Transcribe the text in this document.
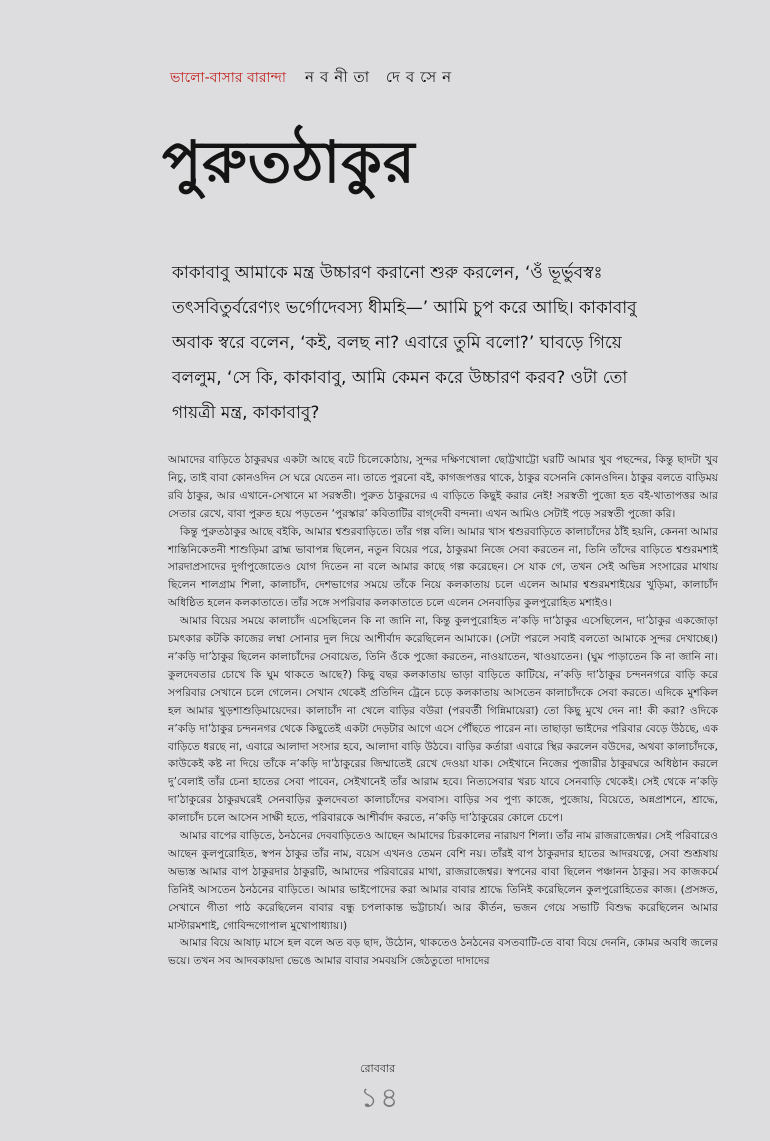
ভালো-বাসার বারান্দা নবনীতা দেবসেন
পুরুতঠাকুর

কাকাবাবু আমাকে মন্ত্র উচ্চারণ করানো শুরু করলেন, ‘ওঁ ভূর্ভুবস্বঃ তৎসবিতুর্বরেণ্যং ভর্গোদেবস্য ধীমহি—’ আমি চুপ করে আছি। কাকাবাবু অবাক স্বরে বলেন, ‘কই, বলছ না? এবারে তুমি বলো?’ ঘাবড়ে গিয়ে বললুম, ‘সে কি, কাকাবাবু, আমি কেমন করে উচ্চারণ করব? ওটা তো গায়ত্রী মন্ত্র, কাকাবাবু?

আমাদের বাড়িতে ঠাকুরঘর একটা আছে বটে চিলেকোঠায়, সুন্দর দক্ষিণখোলা ছোট্টখাট্টো ঘরটি আমার খুব পছন্দের, কিন্তু ছাদটা খুব নিচু, তাই বাবা কোনওদিন সে ঘরে যেতেন না। তাতে পুরনো বই, কাগজপত্তর থাকে, ঠাকুর বসেননি কোনওদিন। ঠাকুর বলতে বাড়িময় রবি ঠাকুর, আর এখানে-সেখানে মা সরস্বতী। পুরুত ঠাকুরদের এ বাড়িতে কিছুই করার নেই! সরস্বতী পুজো হত বই-খাতাপত্তর আর সেতার রেখে, বাবা পুরুত হয়ে পড়তেন ‘পুরস্কার’ কবিতাটির বাগ্‌দেবী বন্দনা। এখন আমিও সেটাই পড়ে সরস্বতী পুজো করি।

কিন্তু পুরুতঠাকুর আছে বইকি, আমার শ্বশুরবাড়িতে। তাঁর গল্প বলি। আমার খাস শ্বশুরবাড়িতে কালাচাঁদের ঠাঁই হয়নি, কেননা আমার শান্তিনিকেতনী শাশুড়িমা ব্রাহ্ম ভাবাপন্ন ছিলেন, নতুন বিয়ের পরে, ঠাকুরমা নিজে সেবা করতেন না, তিনি তাঁদের বাড়িতে শ্বশুরমশাই সারদাপ্রসাদের দুর্গাপুজোতেও যোগ দিতেন না বলে আমার কাছে গল্প করেছেন। সে যাক গে, তখন সেই অভিন্ন সংসারের মাথায় ছিলেন শালগ্রাম শিলা, কালাচাঁদ, দেশভাগের সময়ে তাঁকে নিয়ে কলকাতায় চলে এলেন আমার শ্বশুরমশাইয়ের খুড়িমা, কালাচাঁদ অধিষ্ঠিত হলেন কলকাতাতে। তাঁর সঙ্গে সপরিবার কলকাতাতে চলে এলেন সেনবাড়ির কুলপুরোহিত মশাইও।

আমার বিয়ের সময়ে কালাচাঁদ এসেছিলেন কি না জানি না, কিন্তু কুলপুরোহিত ন’কড়ি দা’ঠাকুর এসেছিলেন, দা’ঠাকুর একজোড়া চমৎকার কটকি কাজের লম্বা সোনার দুল দিয়ে আশীর্বাদ করেছিলেন আমাকে। (সেটা পরলে সবাই বলতো আমাকে সুন্দর দেখাচ্ছে।) ন’কড়ি দা’ঠাকুর ছিলেন কালাচাঁদের সেবায়েত, তিনি ওঁকে পুজো করতেন, নাওয়াতেন, খাওয়াতেন। (ঘুম পাড়াতেন কি না জানি না। কুলদেবতার চোখে কি ঘুম থাকতে আছে?) কিছু বছর কলকাতায় ভাড়া বাড়িতে কাটিয়ে, ন’কড়ি দা’ঠাকুর চন্দননগরে বাড়ি করে সপরিবার সেখানে চলে গেলেন। সেখান থেকেই প্রতিদিন ট্রেনে চড়ে কলকাতায় আসতেন কালাচাঁদকে সেবা করতে। এদিকে মুশকিল হল আমার খুড়শাশুড়িমায়েদের। কালাচাঁদ না খেলে বাড়ির বউরা (পরবর্তী গিন্নিমায়েরা) তো কিছু মুখে দেন না! কী করা? ওদিকে ন’কড়ি দা’ঠাকুর চন্দননগর থেকে কিছুতেই একটা দেড়টার আগে এসে পৌঁছতে পারেন না। তাছাড়া ভাইদের পরিবার বেড়ে উঠছে, এক বাড়িতে ধরছে না, এবারে আলাদা সংসার হবে, আলাদা বাড়ি উঠবে। বাড়ির কর্তারা এবারে স্থির করলেন বউদের, অথবা কালাচাঁদকে, কাউকেই কষ্ট না দিয়ে তাঁকে ন’কড়ি দা’ঠাকুরের জিম্মাতেই রেখে দেওয়া যাক। সেইখানে নিজের পুজারীর ঠাকুরঘরে অধিষ্ঠান করলে দু’বেলাই তাঁর চেনা হাতের সেবা পাবেন, সেইখানেই তাঁর আরাম হবে। নিত্যসেবার খরচ যাবে সেনবাড়ি থেকেই। সেই থেকে ন’কড়ি দা’ঠাকুরের ঠাকুরঘরেই সেনবাড়ির কুলদেবতা কালাচাঁদের বসবাস। বাড়ির সব পুণ্য কাজে, পুজোয়, বিয়েতে, অন্নপ্রাশনে, শ্রাদ্ধে, কালাচাঁদ চলে আসেন সাক্ষী হতে, পরিবারকে আশীর্বাদ করতে, ন’কড়ি দা’ঠাকুরের কোলে চেপে।

আমার বাপের বাড়িতে, ঠনঠনের দেববাড়িতেও আছেন আমাদের চিরকালের নারায়ণ শিলা। তাঁর নাম রাজরাজেশ্বর। সেই পরিবারেও আছেন কুলপুরোহিত, স্বপন ঠাকুর তাঁর নাম, বয়েস এখনও তেমন বেশি নয়। তাঁরই বাপ ঠাকুরদার হাতের আদরযত্নে, সেবা শুশ্রূষায় অভ্যস্ত আমার বাপ ঠাকুরদার ঠাকুরটি, আমাদের পরিবারের মাথা, রাজরাজেশ্বর। স্বপনের বাবা ছিলেন পঞ্চানন ঠাকুর। সব কাজকর্মে তিনিই আসতেন ঠনঠনের বাড়িতে। আমার ভাইপোদের করা আমার বাবার শ্রাদ্ধে তিনিই করেছিলেন কুলপুরোহিতের কাজ। (প্রসঙ্গত, সেখানে গীতা পাঠ করেছিলেন বাবার বন্ধু চপলাকান্ত ভট্টাচার্য। আর কীর্তন, ভজন গেয়ে সভাটি বিশুদ্ধ করেছিলেন আমার মাস্টারমশাই, গোবিন্দগোপাল মুখোপাধ্যায়।)

আমার বিয়ে আষাঢ় মাসে হল বলে অত বড় ছাদ, উঠোন, থাকতেও ঠনঠনের বসতবাটি-তে বাবা বিয়ে দেননি, কোমর অবধি জলের ভয়ে। তখন সব আদবকায়দা ভেঙে আমার বাবার সমবয়সি জেঠতুতো দাদাদের

রোববার
১৪
